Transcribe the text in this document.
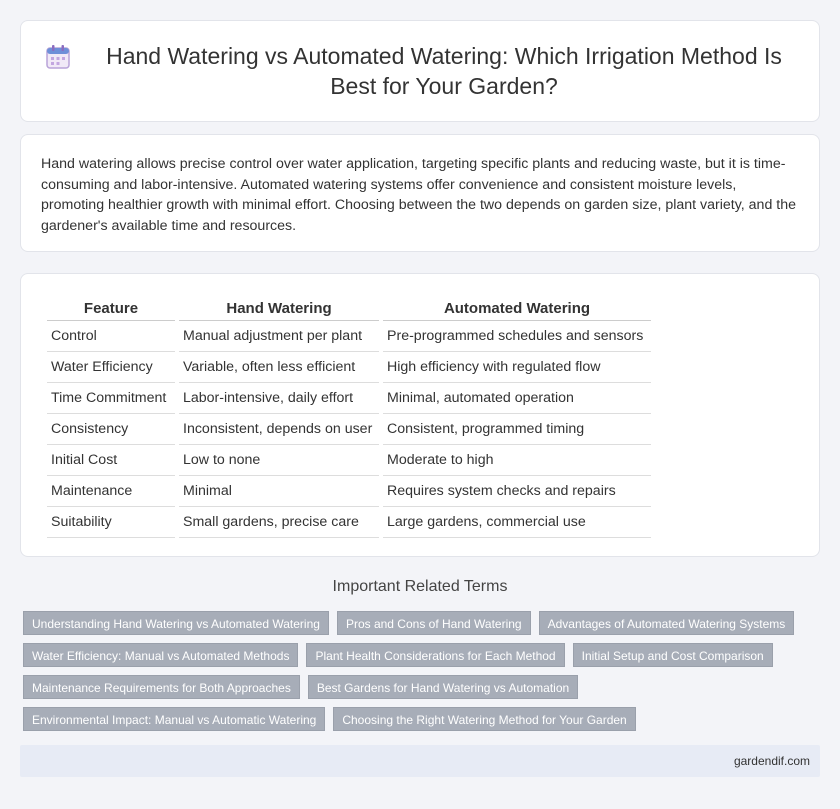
Hand Watering vs Automated Watering: Which Irrigation Method Is Best for Your Garden?

Hand watering allows precise control over water application, targeting specific plants and reducing waste, but it is time-consuming and labor-intensive. Automated watering systems offer convenience and consistent moisture levels, promoting healthier growth with minimal effort. Choosing between the two depends on garden size, plant variety, and the gardener's available time and resources.

Feature	Hand Watering	Automated Watering
Control	Manual adjustment per plant	Pre-programmed schedules and sensors
Water Efficiency	Variable, often less efficient	High efficiency with regulated flow
Time Commitment	Labor-intensive, daily effort	Minimal, automated operation
Consistency	Inconsistent, depends on user	Consistent, programmed timing
Initial Cost	Low to none	Moderate to high
Maintenance	Minimal	Requires system checks and repairs
Suitability	Small gardens, precise care	Large gardens, commercial use
Important Related Terms
Understanding Hand Watering vs Automated Watering	Pros and Cons of Hand Watering	Advantages of Automated Watering Systems
Water Efficiency: Manual vs Automated Methods	Plant Health Considerations for Each Method	Initial Setup and Cost Comparison
Maintenance Requirements for Both Approaches	Best Gardens for Hand Watering vs Automation
Environmental Impact: Manual vs Automatic Watering	Choosing the Right Watering Method for Your Garden
gardendif.com
